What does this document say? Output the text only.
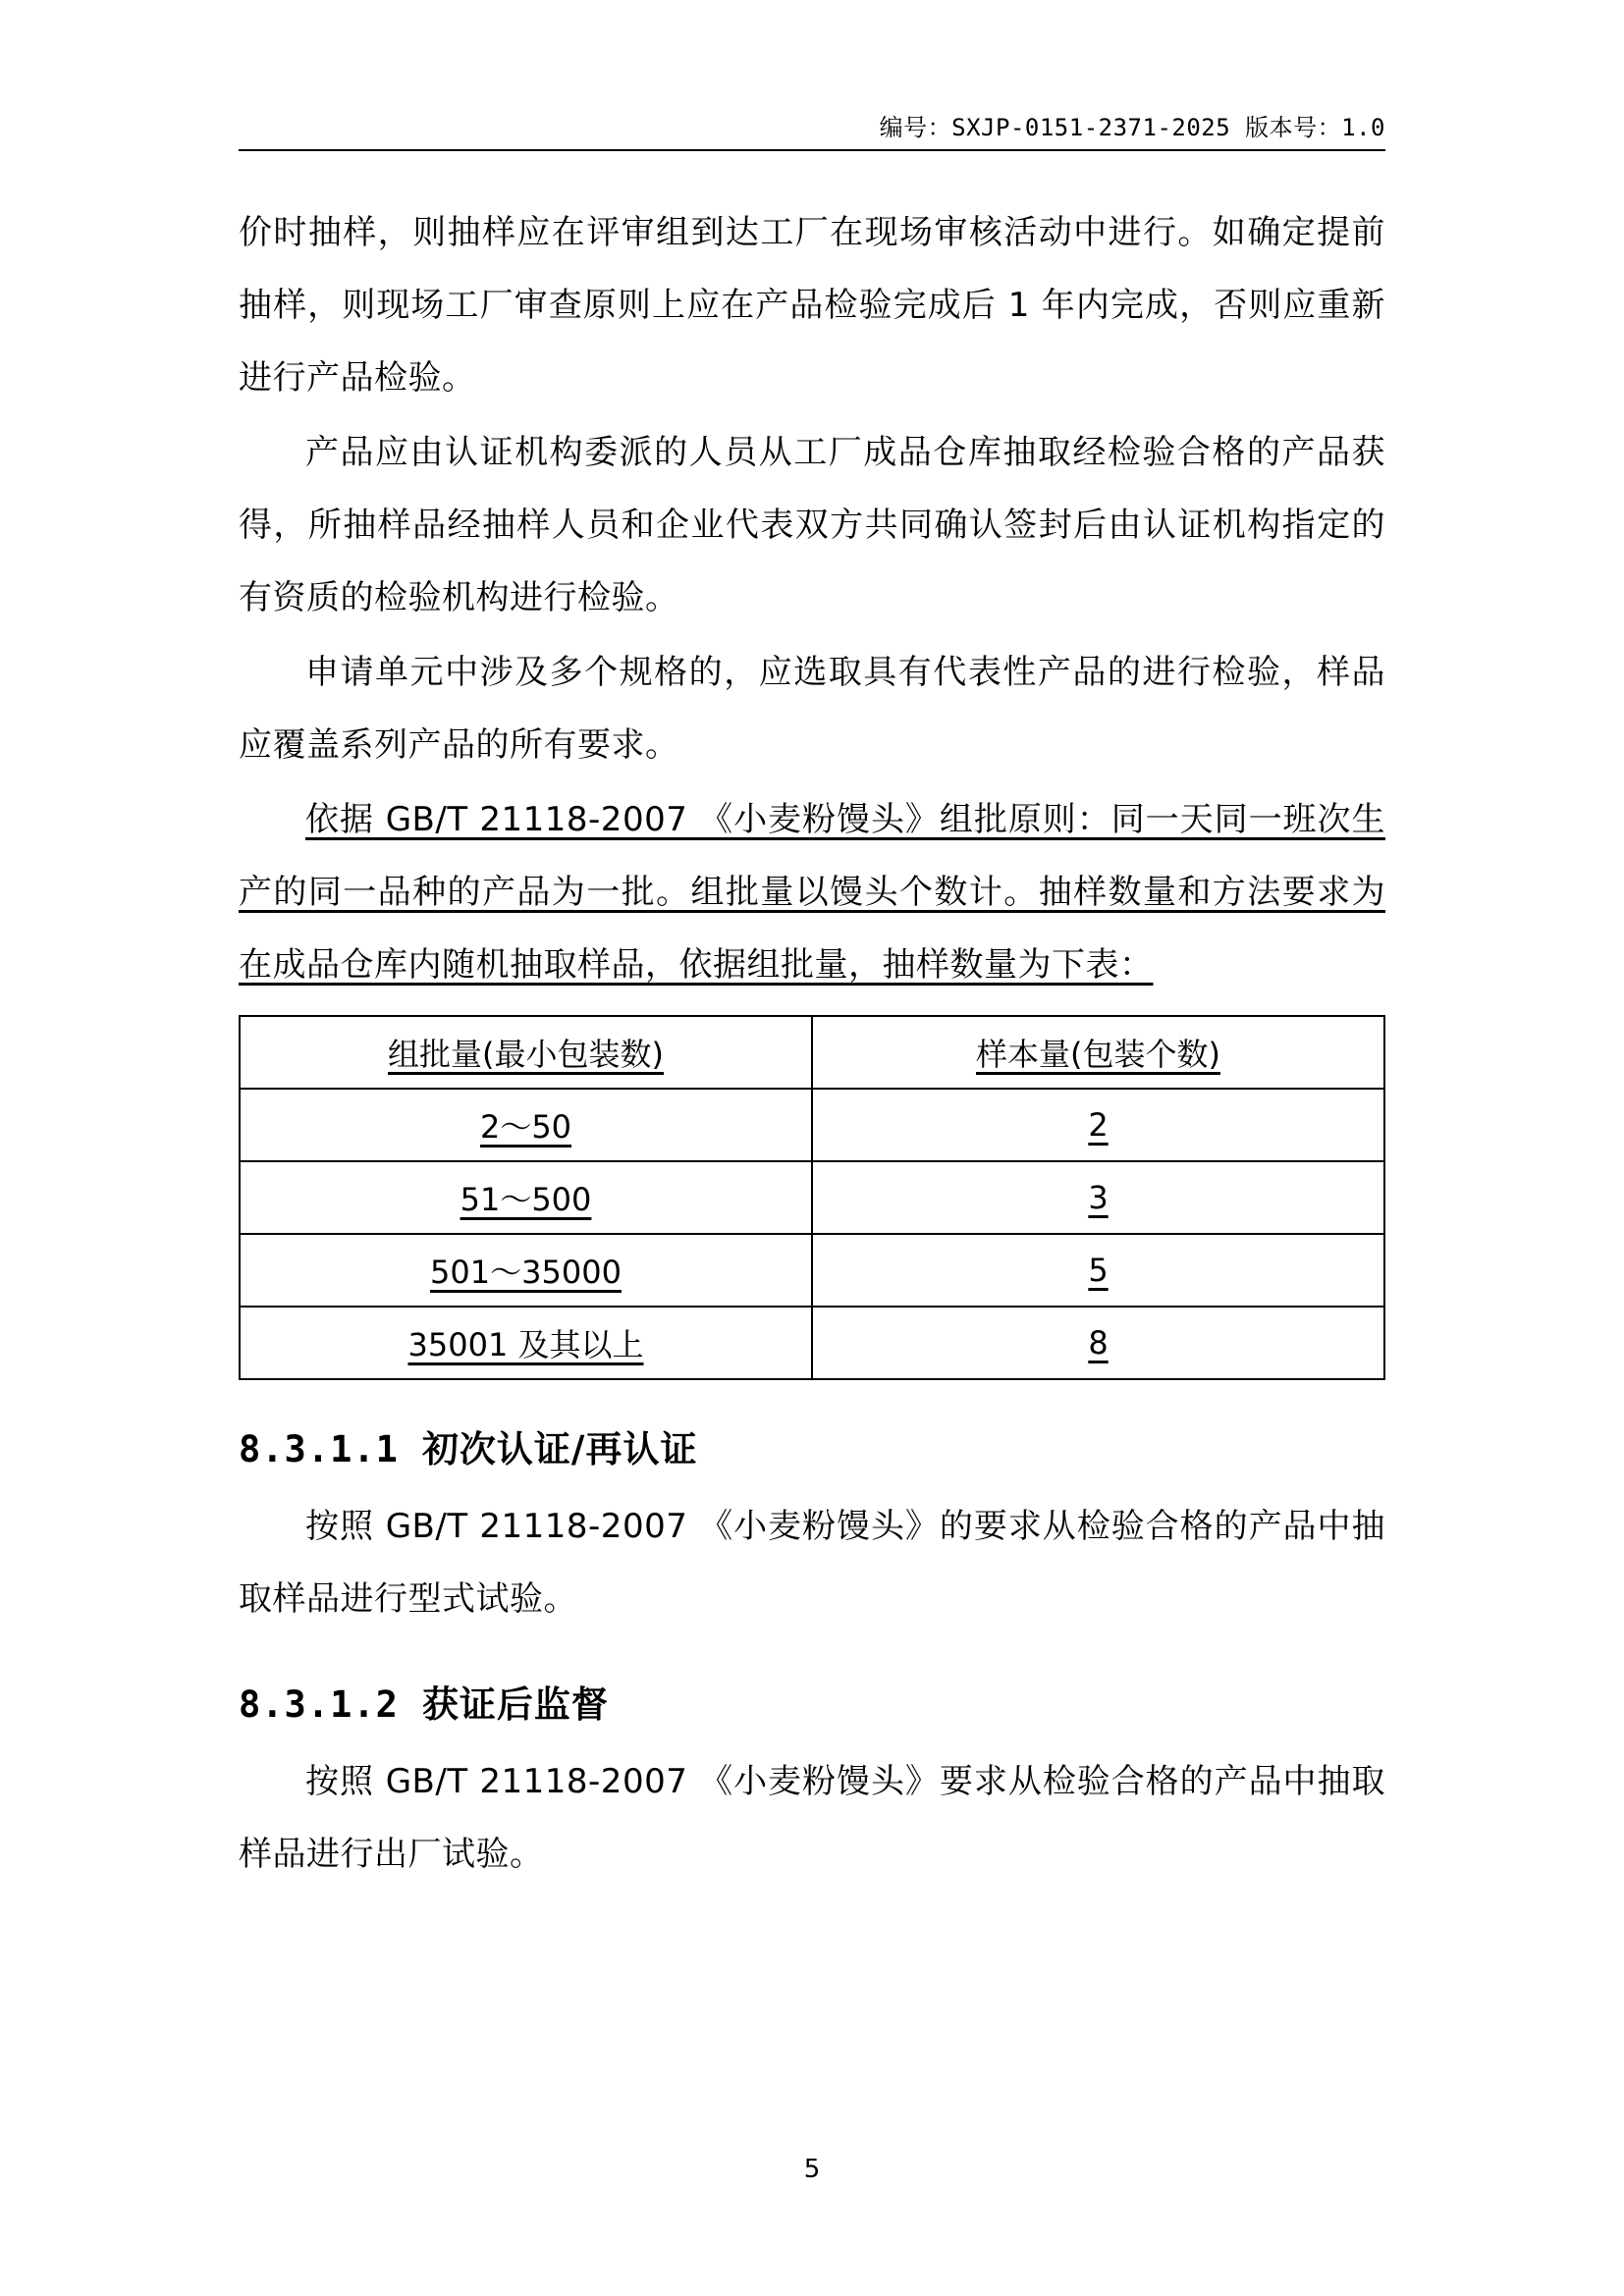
编号：SXJP-0151-2371-2025 版本号：1.0

价时抽样，则抽样应在评审组到达工厂在现场审核活动中进行。如确定提前抽样，则现场工厂审查原则上应在产品检验完成后 1 年内完成，否则应重新进行产品检验。

产品应由认证机构委派的人员从工厂成品仓库抽取经检验合格的产品获得，所抽样品经抽样人员和企业代表双方共同确认签封后由认证机构指定的有资质的检验机构进行检验。

申请单元中涉及多个规格的，应选取具有代表性产品的进行检验，样品应覆盖系列产品的所有要求。

依据 GB/T 21118-2007 《小麦粉馒头》组批原则：同一天同一班次生产的同一品种的产品为一批。组批量以馒头个数计。抽样数量和方法要求为在成品仓库内随机抽取样品，依据组批量，抽样数量为下表：

组批量(最小包装数)	样本量(包装个数)
2～50	2
51～500	3
501～35000	5
35001 及其以上	8
8.3.1.1 初次认证/再认证

按照 GB/T 21118-2007 《小麦粉馒头》的要求从检验合格的产品中抽取样品进行型式试验。

8.3.1.2 获证后监督

按照 GB/T 21118-2007 《小麦粉馒头》要求从检验合格的产品中抽取样品进行出厂试验。

5
